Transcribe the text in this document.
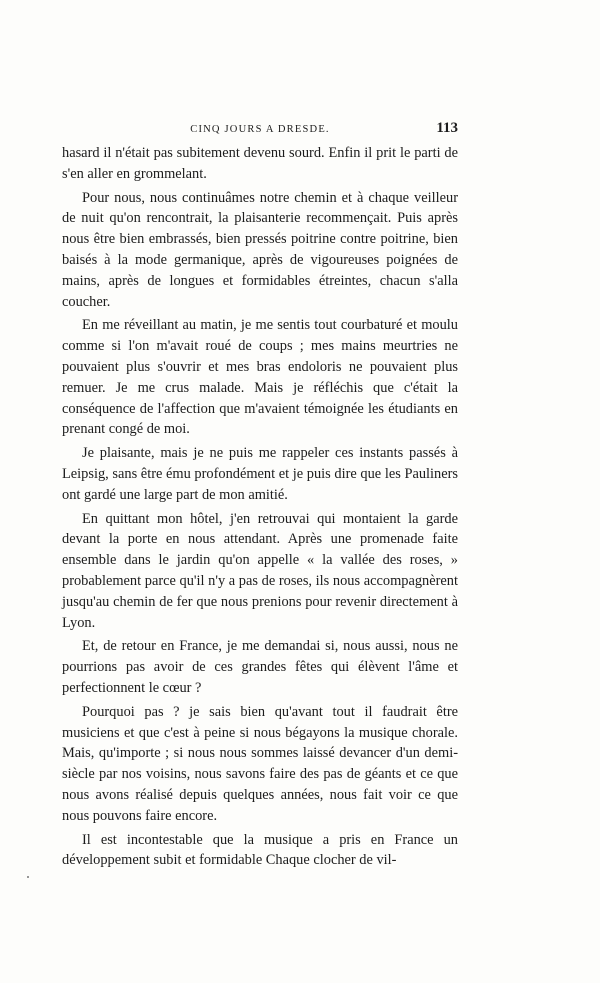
CINQ JOURS A DRESDE.	113

hasard il n'était pas subitement devenu sourd. Enfin il prit le parti de s'en aller en grommelant.

Pour nous, nous continuâmes notre chemin et à chaque veilleur de nuit qu'on rencontrait, la plaisanterie recommençait. Puis après nous être bien embrassés, bien pressés poitrine contre poitrine, bien baisés à la mode germanique, après de vigoureuses poignées de mains, après de longues et formidables étreintes, chacun s'alla coucher.

En me réveillant au matin, je me sentis tout courbaturé et moulu comme si l'on m'avait roué de coups ; mes mains meurtries ne pouvaient plus s'ouvrir et mes bras endoloris ne pouvaient plus remuer. Je me crus malade. Mais je réfléchis que c'était la conséquence de l'affection que m'avaient témoignée les étudiants en prenant congé de moi.

Je plaisante, mais je ne puis me rappeler ces instants passés à Leipsig, sans être ému profondément et je puis dire que les Pauliners ont gardé une large part de mon amitié.

En quittant mon hôtel, j'en retrouvai qui montaient la garde devant la porte en nous attendant. Après une promenade faite ensemble dans le jardin qu'on appelle « la vallée des roses, » probablement parce qu'il n'y a pas de roses, ils nous accompagnèrent jusqu'au chemin de fer que nous prenions pour revenir directement à Lyon.

Et, de retour en France, je me demandai si, nous aussi, nous ne pourrions pas avoir de ces grandes fêtes qui élèvent l'âme et perfectionnent le cœur ?

Pourquoi pas ? je sais bien qu'avant tout il faudrait être musiciens et que c'est à peine si nous bégayons la musique chorale. Mais, qu'importe ; si nous nous sommes laissé devancer d'un demi-siècle par nos voisins, nous savons faire des pas de géants et ce que nous avons réalisé depuis quelques années, nous fait voir ce que nous pouvons faire encore.

Il est incontestable que la musique a pris en France un développement subit et formidable Chaque clocher de vil-
